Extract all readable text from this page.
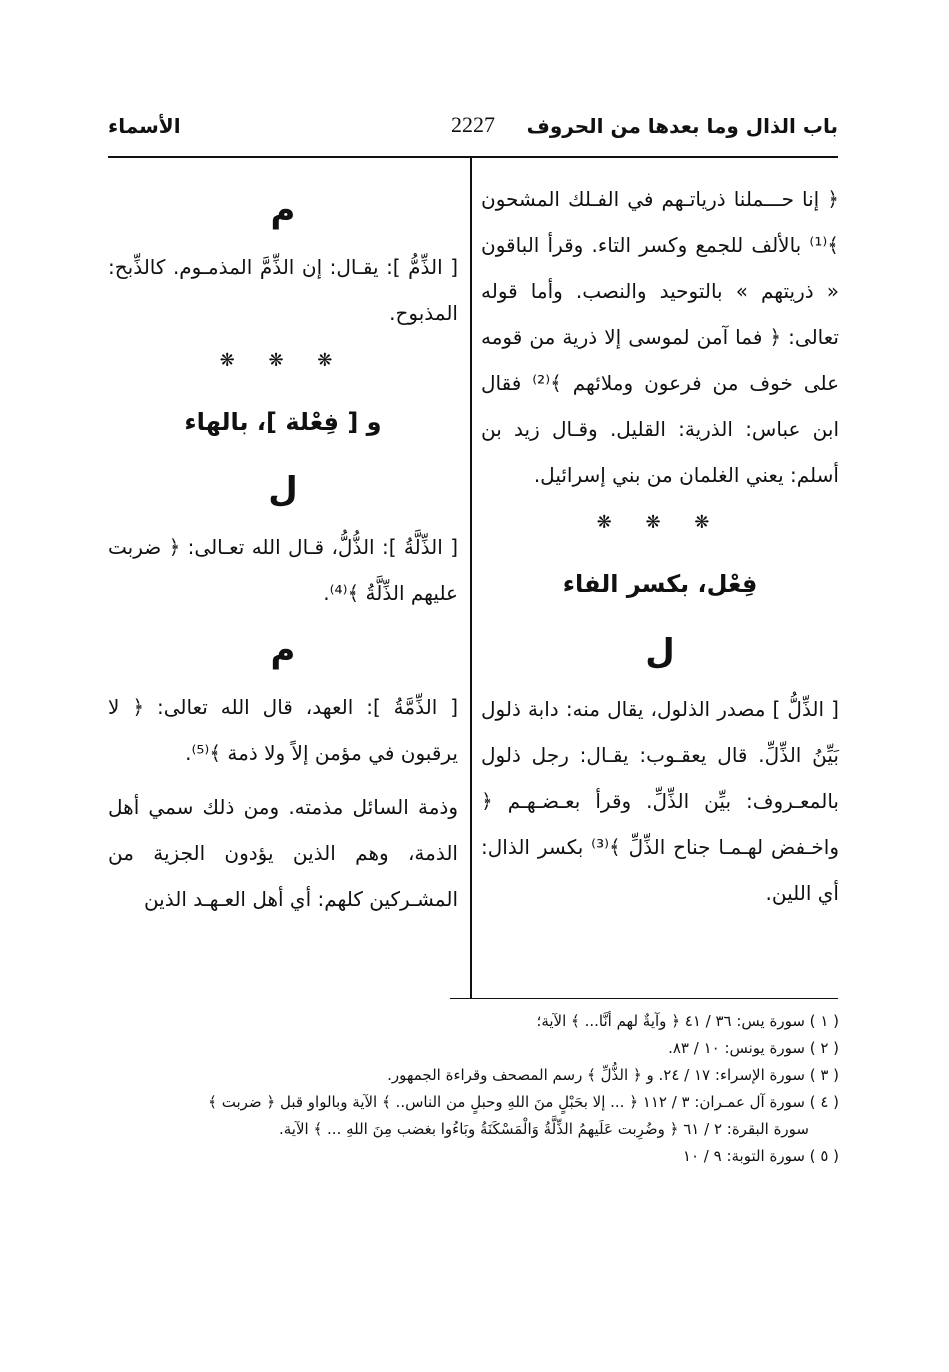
باب الذال وما بعدها من الحروف
2227
الأسماء

﴿ إنا حـــملنا ذرياتـهم في الفـلك المشحون ﴾⁽¹⁾ بالألف للجمع وكسر التاء. وقرأ الباقون « ذريتهم » بالتوحيد والنصب. وأما قوله تعالى: ﴿ فما آمن لموسى إلا ذرية من قومه على خوف من فرعون وملائهم ﴾⁽²⁾ فقال ابن عباس: الذرية: القليل. وقـال زيد بن أسلم: يعني الغلمان من بني إسرائيل.

❋ ❋ ❋
فِعْل، بكسر الفاء
ل

[ الذِّلُّ ] مصدر الذلول، يقال منه: دابة ذلول بَيِّنُ الذِّلِّ. قال يعقـوب: يقـال: رجل ذلول بالمعـروف: بيِّن الذِّلِّ. وقرأ بعـضـهـم ﴿ واخـفض لهـمـا جناح الذِّلِّ ﴾⁽³⁾ بكسر الذال: أي اللين.

م

[ الذِّمُّ ]: يقـال: إن الذِّمَّ المذمـوم. كالذِّبح: المذبوح.

❋ ❋ ❋
و [ فِعْلة ]، بالهاء
ل

[ الذِّلَّةُ ]: الذُّلُّ، قـال الله تعـالى: ﴿ ضربت عليهم الذِّلَّةُ ﴾⁽⁴⁾.

م

[ الذِّمَّةُ ]: العهد، قال الله تعالى: ﴿ لا يرقبون في مؤمن إلاً ولا ذمة ﴾⁽⁵⁾.

وذمة السائل مذمته. ومن ذلك سمي أهل الذمة، وهم الذين يؤدون الجزية من المشـركين كلهم: أي أهل العـهـد الذين

( ١ ) سورة يس: ٣٦ / ٤١ ﴿ وآيةٌ لهم أنَّا... ﴾ الآية؛
( ٢ ) سورة يونس: ١٠ / ٨٣.
( ٣ ) سورة الإسراء: ١٧ / ٢٤. و ﴿ الذُّلِّ ﴾ رسم المصحف وقراءة الجمهور.
( ٤ ) سورة آل عمـران: ٣ / ١١٢ ﴿ ... إلا بحَبْلٍ منَ اللهِ وحبلٍ من الناس.. ﴾ الآية وبالواو قبل ﴿ ضربت ﴾
سورة البقرة: ٢ / ٦١ ﴿ وضُرِبت عَلَيهمُ الذِّلَّةُ وَالْمَسْكَنَةُ وبَاءُوا بغضب مِنَ اللهِ ... ﴾ الآية.
( ٥ ) سورة التوبة: ٩ / ١٠
